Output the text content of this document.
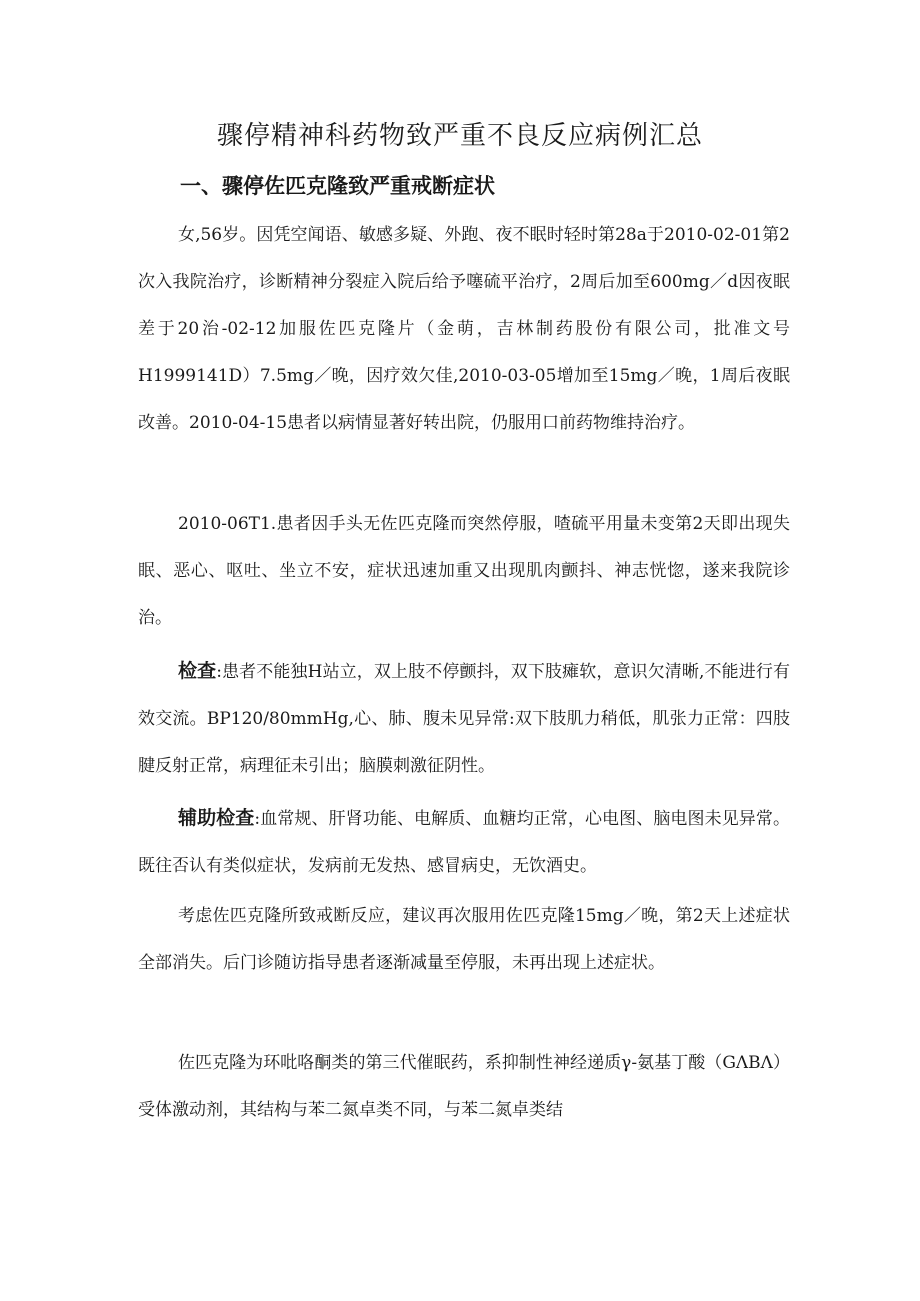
骤停精神科药物致严重不良反应病例汇总
一、骤停佐匹克隆致严重戒断症状

女,56岁。因凭空闻语、敏感多疑、外跑、夜不眠时轻时第28a于2010-02-01第2次入我院治疗，诊断精神分裂症入院后给予噻硫平治疗，2周后加至600mg／d因夜眠差于20治-02-12加服佐匹克隆片（金萌，吉林制药股份有限公司，批准文号H1999141D）7.5mg／晚，因疗效欠佳,2010-03-05增加至15mg／晚，1周后夜眠改善。2010-04-15患者以病情显著好转出院，仍服用口前药物维持治疗。

2010-06T1.患者因手头无佐匹克隆而突然停服，喳硫平用量未变第2天即出现失眠、恶心、呕吐、坐立不安，症状迅速加重又出现肌肉颤抖、神志恍惚，遂来我院诊治。

检查:患者不能独H站立，双上肢不停颤抖，双下肢瘫软，意识欠清晰,不能进行有效交流。BP120/80mmHg,心、肺、腹未见异常:双下肢肌力稍低，肌张力正常：四肢腱反射正常，病理征未引出；脑膜刺激征阴性。

辅助检查:血常规、肝肾功能、电解质、血糖均正常，心电图、脑电图未见异常。既往否认有类似症状，发病前无发热、感冒病史，无饮酒史。

考虑佐匹克隆所致戒断反应，建议再次服用佐匹克隆15mg／晚，第2天上述症状全部消失。后门诊随访指导患者逐渐减量至停服，未再出现上述症状。

佐匹克隆为环吡咯酮类的第三代催眠药，系抑制性神经递质γ-氨基丁酸（GΛBΛ）受体激动剂，其结构与苯二氮卓类不同，与苯二氮卓类结
